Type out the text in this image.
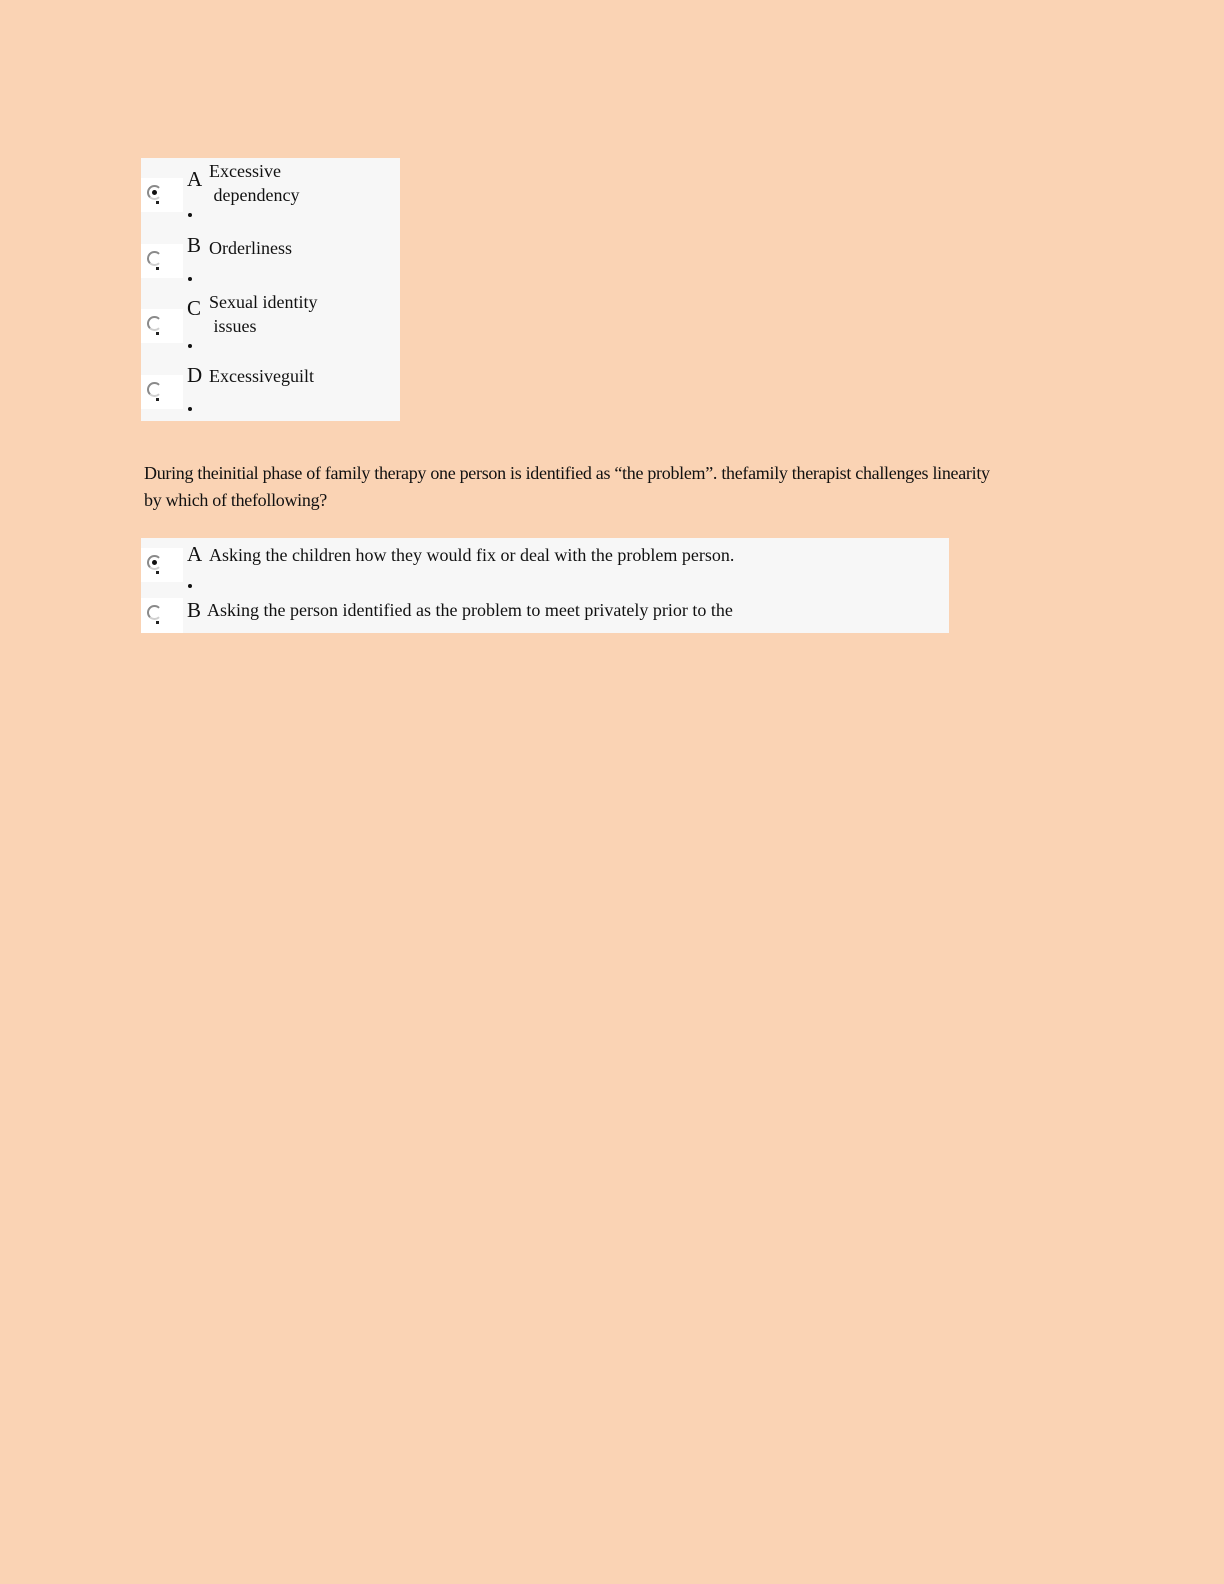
A Excessive
dependency
B Orderliness
C Sexual identity
issues
D Excessiveguilt
During theinitial phase of family therapy one person is identified as “the problem”. thefamily therapist challenges linearity by which of thefollowing?
A Asking the children how they would fix or deal with the problem person.
B Asking the person identified as the problem to meet privately prior to the
